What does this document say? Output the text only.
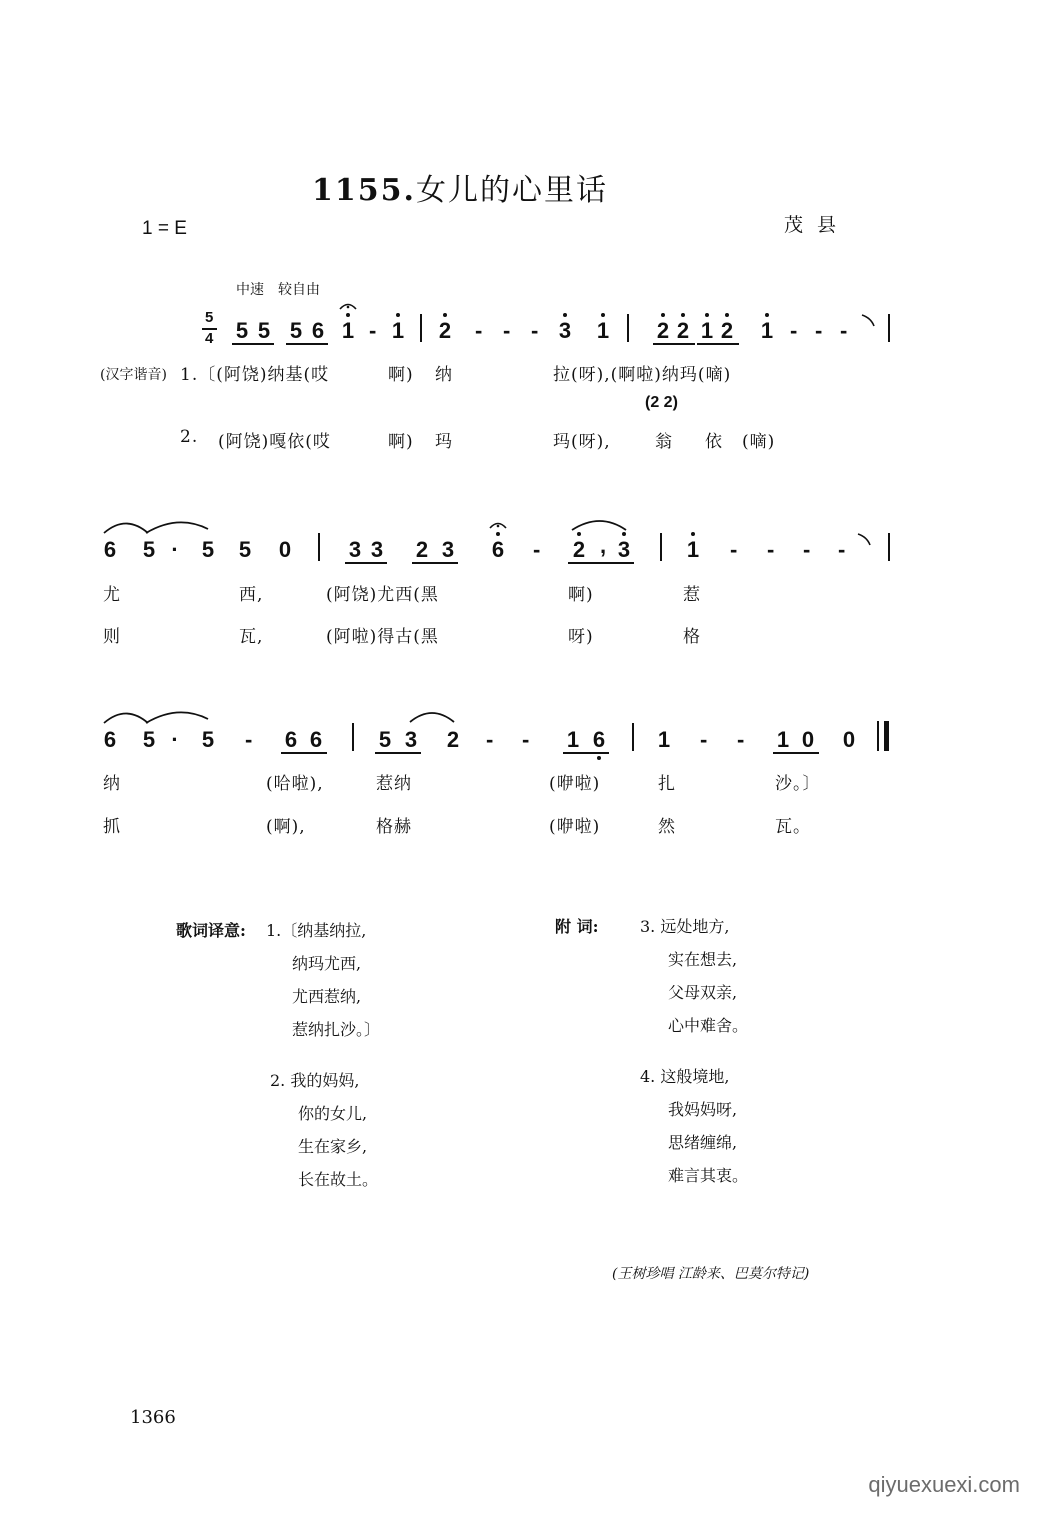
1155.女儿的心里话
1 = E	茂县
中速 较自由
5
4 5 5 5 6 1 - 1 2 - - - 3 1 2 2 1 2 1 - - -
(汉字谐音) 1.〔(阿饶)纳基(哎	啊) 纳	拉(呀),(啊啦)纳玛(嘀)
(2 2)
2. (阿饶)嘎依(哎	啊) 玛	玛(呀),	翁 依 (嘀)
6 5 ·	5 5 0	3 3 2 3 6 - 2 , 3	1 - - - -
尤	西,	(阿饶)尤西(黑	啊)	惹
则	瓦,	(阿啦)得古(黑	呀)	格
6 5 ·	5 - 6 6	5 3 2 - - 1 6 1 - - 1 0 0
纳	(哈啦),	惹纳	(咿啦)	扎	沙。〕
抓	(啊),	格赫	(咿啦)	然	瓦。
歌词译意: 1.〔纳基纳拉,
纳玛尤西,
尤西惹纳,
惹纳扎沙。〕
2. 我的妈妈,
你的女儿,
生在家乡,
长在故土。
附 词:	3. 远处地方,
实在想去,
父母双亲,
心中难舍。
4. 这般境地,
我妈妈呀,
思绪缠绵,
难言其衷。
(王树珍唱 江龄来、巴莫尔特记)
1366
qiyuexuexi.com
